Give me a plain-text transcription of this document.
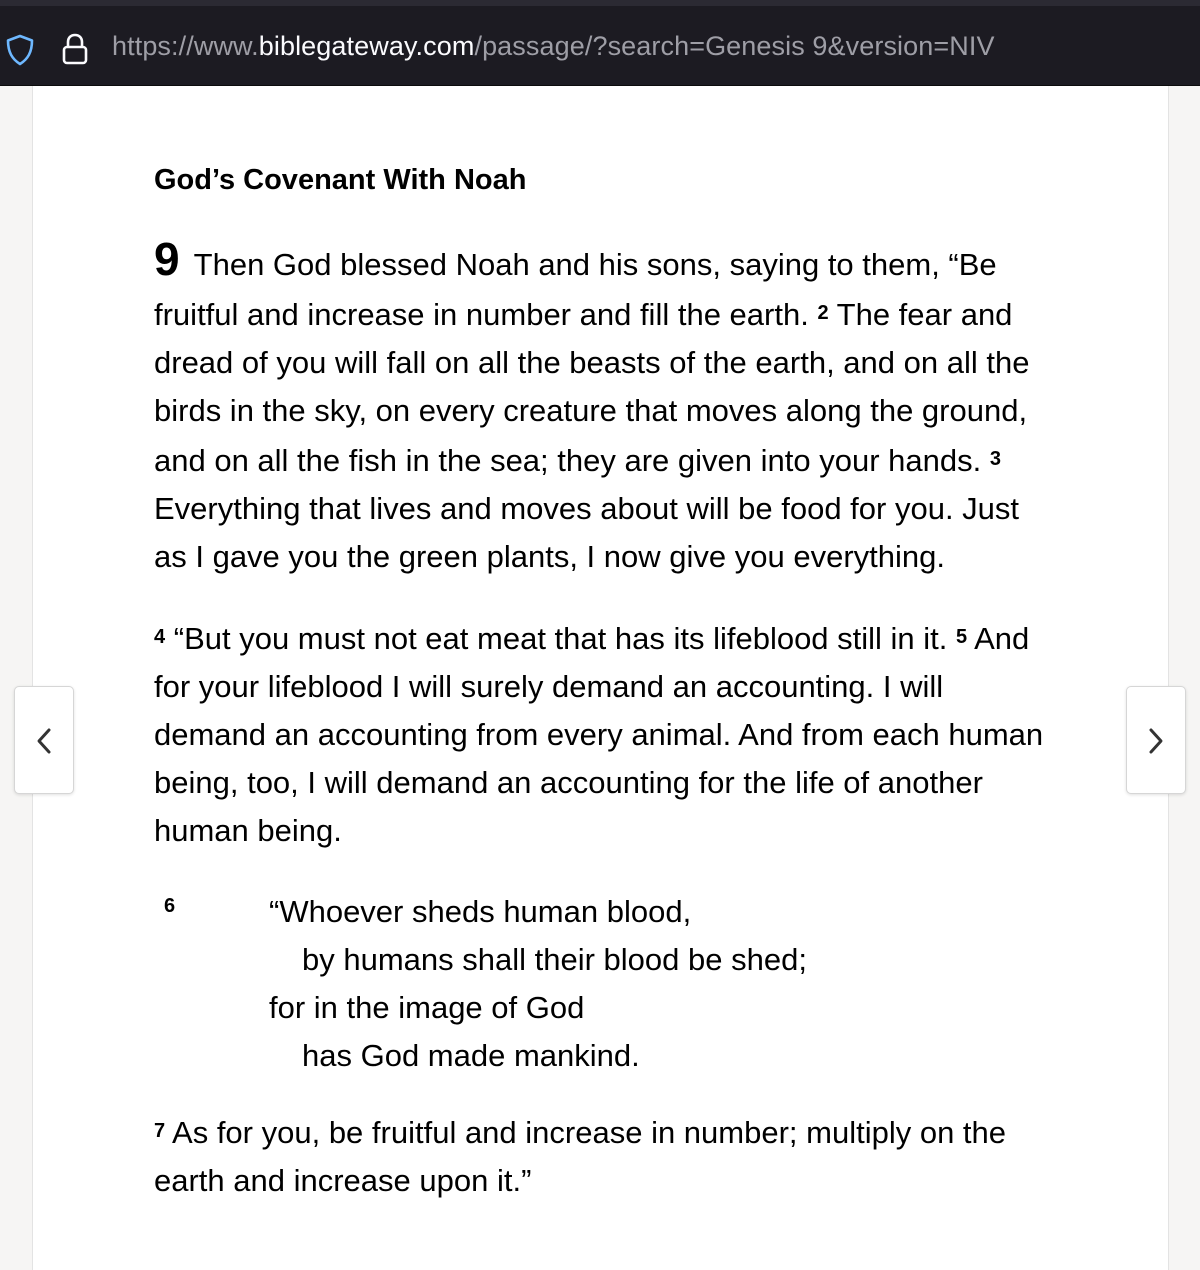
https://www.biblegateway.com/passage/?search=Genesis 9&version=NIV
God’s Covenant With Noah

9 Then God blessed Noah and his sons, saying to them, “Be fruitful and increase in number and fill the earth. $^2$ The fear and dread of you will fall on all the beasts of the earth, and on all the birds in the sky, on every creature that moves along the ground, and on all the fish in the sea; they are given into your hands. $^3$ Everything that lives and moves about will be food for you. Just as I gave you the green plants, I now give you everything.

$^4$ “But you must not eat meat that has its lifeblood still in it. $^5$ And for your lifeblood I will surely demand an accounting. I will demand an accounting from every animal. And from each human being, too, I will demand an accounting for the life of another human being.

6	“Whoever sheds human blood,
by humans shall their blood be shed;
for in the image of God
has God made mankind.

$^7$ As for you, be fruitful and increase in number; multiply on the earth and increase upon it.”
